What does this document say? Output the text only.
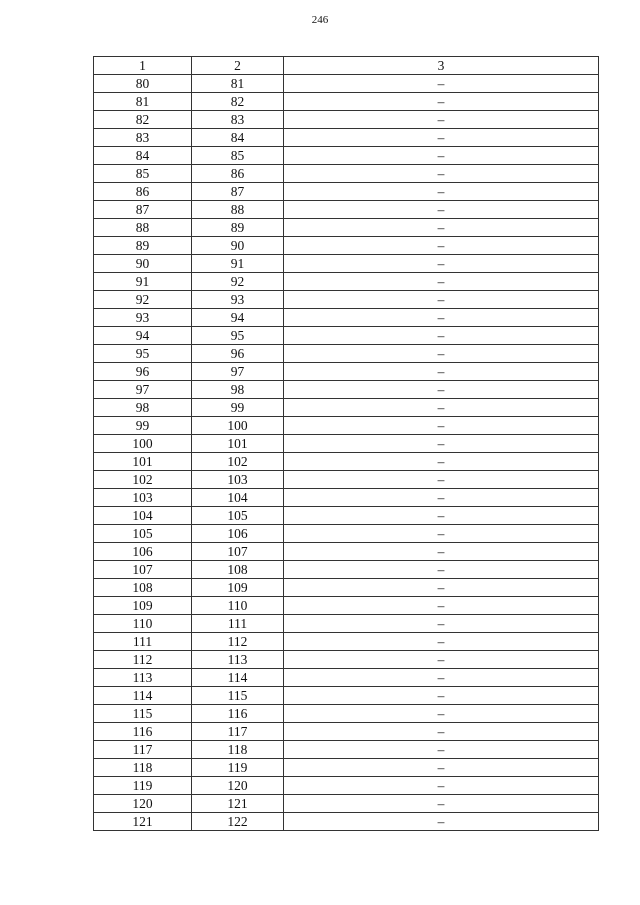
246
1	2	3
80	81	–
81	82	–
82	83	–
83	84	–
84	85	–
85	86	–
86	87	–
87	88	–
88	89	–
89	90	–
90	91	–
91	92	–
92	93	–
93	94	–
94	95	–
95	96	–
96	97	–
97	98	–
98	99	–
99	100	–
100	101	–
101	102	–
102	103	–
103	104	–
104	105	–
105	106	–
106	107	–
107	108	–
108	109	–
109	110	–
110	111	–
111	112	–
112	113	–
113	114	–
114	115	–
115	116	–
116	117	–
117	118	–
118	119	–
119	120	–
120	121	–
121	122	–
